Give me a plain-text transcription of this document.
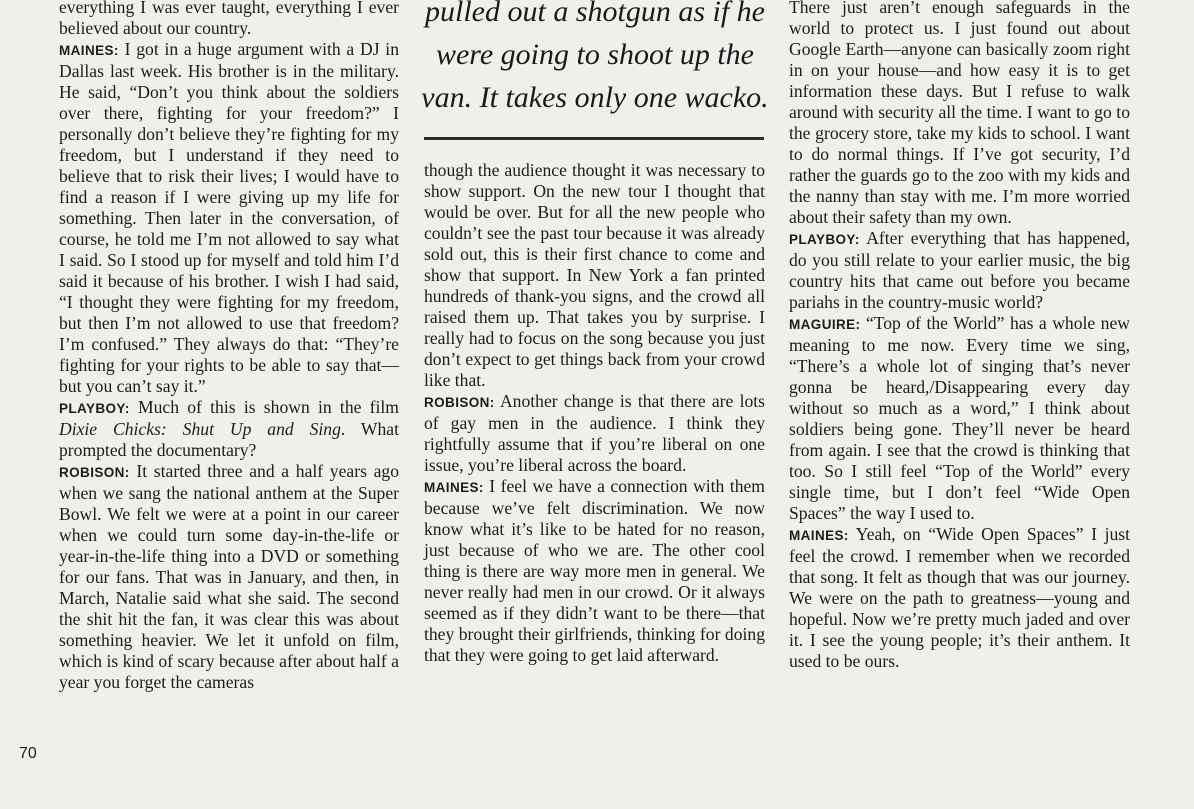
everything I was ever taught, everything I ever believed about our country.

MAINES: I got in a huge argument with a DJ in Dallas last week. His brother is in the military. He said, “Don’t you think about the soldiers over there, fighting for your freedom?” I personally don’t believe they’re fighting for my freedom, but I understand if they need to believe that to risk their lives; I would have to find a reason if I were giving up my life for something. Then later in the conversation, of course, he told me I’m not allowed to say what I said. So I stood up for myself and told him I’d said it because of his brother. I wish I had said, “I thought they were fighting for my freedom, but then I’m not allowed to use that freedom? I’m confused.” They always do that: “They’re fighting for your rights to be able to say that—but you can’t say it.”

PLAYBOY: Much of this is shown in the film Dixie Chicks: Shut Up and Sing. What prompted the documentary?

ROBISON: It started three and a half years ago when we sang the national anthem at the Super Bowl. We felt we were at a point in our career when we could turn some day-in-the-life or year-in-the-life thing into a DVD or something for our fans. That was in January, and then, in March, Natalie said what she said. The second the shit hit the fan, it was clear this was about something heavier. We let it unfold on film, which is kind of scary because after about half a year you forget the cameras

pulled out a shotgun as if he were going to shoot up the van. It takes only one wacko.

though the audience thought it was necessary to show support. On the new tour I thought that would be over. But for all the new people who couldn’t see the past tour because it was already sold out, this is their first chance to come and show that support. In New York a fan printed hundreds of thank-you signs, and the crowd all raised them up. That takes you by surprise. I really had to focus on the song because you just don’t expect to get things back from your crowd like that.

ROBISON: Another change is that there are lots of gay men in the audience. I think they rightfully assume that if you’re liberal on one issue, you’re liberal across the board.

MAINES: I feel we have a connection with them because we’ve felt discrimination. We now know what it’s like to be hated for no reason, just because of who we are. The other cool thing is there are way more men in general. We never really had men in our crowd. Or it always seemed as if they didn’t want to be there—that they brought their girlfriends, thinking for doing that they were going to get laid afterward.

There just aren’t enough safeguards in the world to protect us. I just found out about Google Earth—anyone can basically zoom right in on your house—and how easy it is to get information these days. But I refuse to walk around with security all the time. I want to go to the grocery store, take my kids to school. I want to do normal things. If I’ve got security, I’d rather the guards go to the zoo with my kids and the nanny than stay with me. I’m more worried about their safety than my own.

PLAYBOY: After everything that has happened, do you still relate to your earlier music, the big country hits that came out before you became pariahs in the country-music world?

MAGUIRE: “Top of the World” has a whole new meaning to me now. Every time we sing, “There’s a whole lot of singing that’s never gonna be heard,/Disappearing every day without so much as a word,” I think about soldiers being gone. They’ll never be heard from again. I see that the crowd is thinking that too. So I still feel “Top of the World” every single time, but I don’t feel “Wide Open Spaces” the way I used to.

MAINES: Yeah, on “Wide Open Spaces” I just feel the crowd. I remember when we recorded that song. It felt as though that was our journey. We were on the path to greatness—young and hopeful. Now we’re pretty much jaded and over it. I see the young people; it’s their anthem. It used to be ours.

70
